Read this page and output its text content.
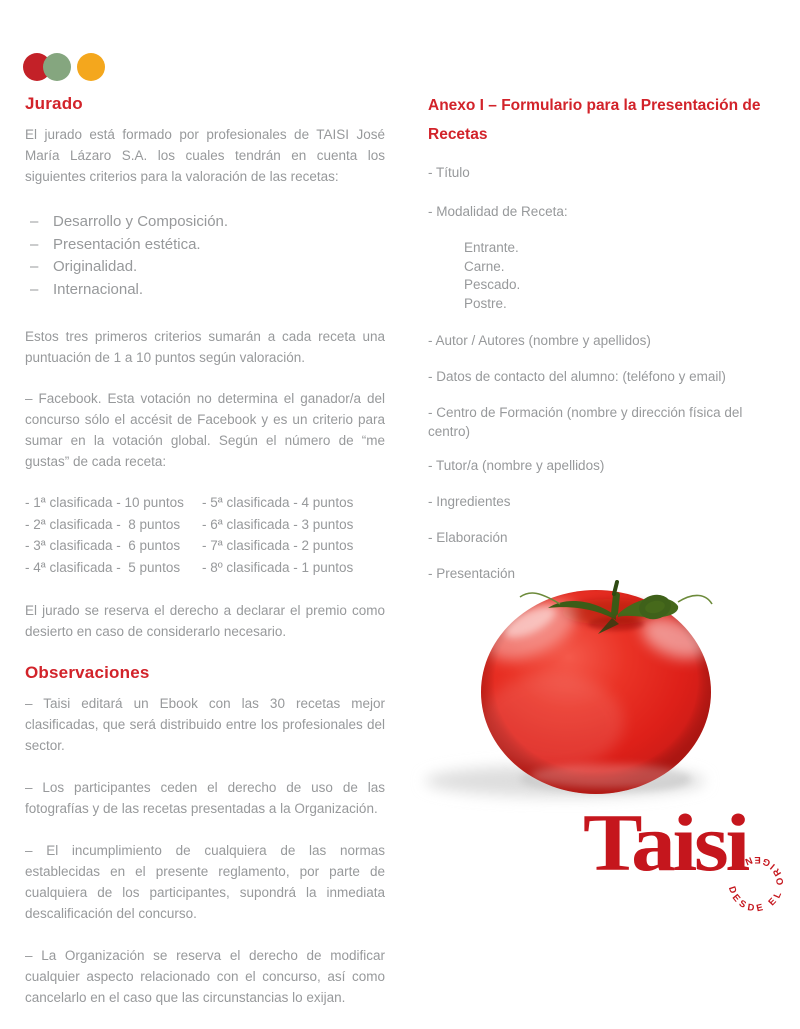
Jurado

El jurado está formado por profesionales de TAISI José María Lázaro S.A. los cuales tendrán en cuenta los siguientes criterios para la valoración de las recetas:

– Desarrollo y Composición.
– Presentación estética.
– Originalidad.
– Internacional.

Estos tres primeros criterios sumarán a cada receta una puntuación de 1 a 10 puntos según valoración.

– Facebook. Esta votación no determina el ganador/a del concurso sólo el accésit de Facebook y es un criterio para sumar en la votación global. Según el número de “me gustas” de cada receta:

- 1ª clasificada - 10 puntos
- 2ª clasificada -  8 puntos
- 3ª clasificada -  6 puntos
- 4ª clasificada -  5 puntos
- 5ª clasificada - 4 puntos
- 6ª clasificada - 3 puntos
- 7ª clasificada - 2 puntos
- 8º clasificada - 1 puntos

El jurado se reserva el derecho a declarar el premio como desierto en caso de considerarlo necesario.

Observaciones

– Taisi editará un Ebook con las 30 recetas mejor clasificadas, que será distribuido entre los profesionales del sector.

– Los participantes ceden el derecho de uso de las fotografías y de las recetas presentadas a la Organización.

– El incumplimiento de cualquiera de las normas establecidas en el presente reglamento, por parte de cualquiera de los participantes, supondrá la inmediata descalificación del concurso.

– La Organización se reserva el derecho de modificar cualquier aspecto relacionado con el concurso, así como cancelarlo en el caso que las circunstancias lo exijan.

Anexo I – Formulario para la Presentación de Recetas

- Título

- Modalidad de Receta:

Entrante.
Carne.
Pescado.
Postre.

- Autor / Autores (nombre y apellidos)

- Datos de contacto del alumno: (teléfono y email)

- Centro de Formación (nombre y dirección física del centro)

- Tutor/a (nombre y apellidos)

- Ingredientes

- Elaboración

- Presentación

Taisi
DESDE EL ORIGEN
